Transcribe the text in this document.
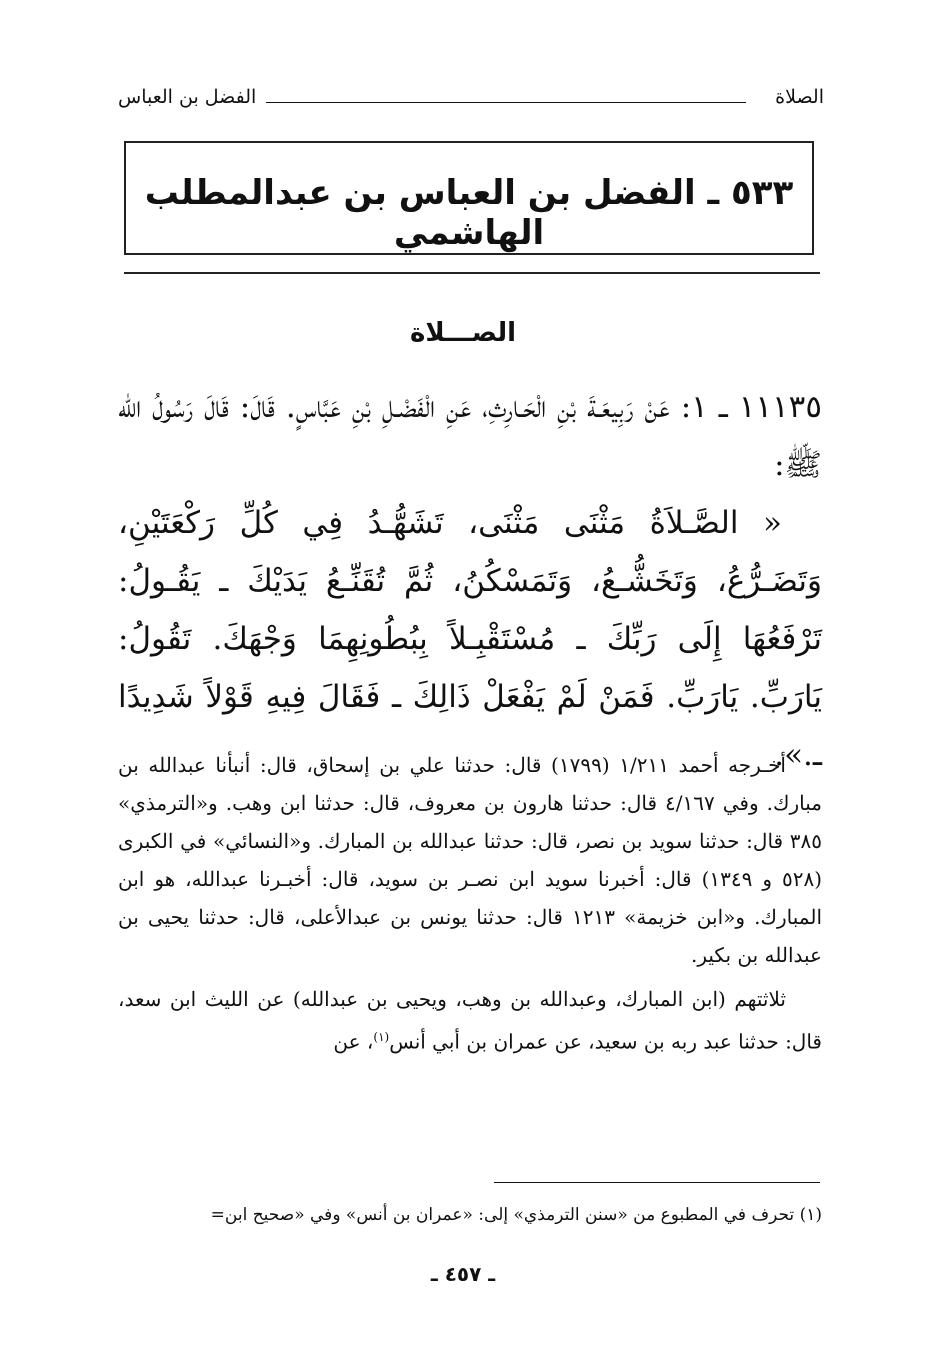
الصلاة
الفضل بن العباس
٥٣٣ ـ الفضل بن العباس بن عبدالمطلب الهاشمي
الصـــلاة

١١١٣٥ ـ ١: عَنْ رَبِيعَـةَ بْنِ الْحَـارِثِ، عَنِ الْفَضْـلِ بْنِ عَبَّاسٍ. قَالَ: قَالَ رَسُولُ الله ﷺ:

« الصَّـلاَةُ مَثْنَى مَثْنَى، تَشَهُّـدُ فِي كُلِّ رَكْعَتَيْنِ، وَتَضَـرُّعُ، وَتَخَشُّـعُ، وَتَمَسْكُنُ، ثُمَّ تُقَنِّـعُ يَدَيْكَ ـ يَقُـولُ: تَرْفَعُهَا إِلَى رَبِّكَ ـ مُسْتَقْبِـلاً بِبُطُونِهِمَا وَجْهَكَ. تَقُولُ: يَارَبِّ. يَارَبِّ. فَمَنْ لَمْ يَفْعَلْ ذَالِكَ ـ فَقَالَ فِيهِ قَوْلاً شَدِيدًا ـ.».

أخـرجه أحمد ١/٢١١ (١٧٩٩) قال: حدثنا علي بن إسحاق، قال: أنبأنا عبدالله بن مبارك. وفي ٤/١٦٧ قال: حدثنا هارون بن معروف، قال: حدثنا ابن وهب. و«الترمذي» ٣٨٥ قال: حدثنا سويد بن نصر، قال: حدثنا عبدالله بن المبارك. و«النسائي» في الكبرى (٥٢٨ و ١٣٤٩) قال: أخبرنا سويد ابن نصـر بن سويد، قال: أخبـرنا عبدالله، هو ابن المبارك. و«ابن خزيمة» ١٢١٣ قال: حدثنا يونس بن عبدالأعلى، قال: حدثنا يحيى بن عبدالله بن بكير.

ثلاثتهم (ابن المبارك، وعبدالله بن وهب، ويحيى بن عبدالله) عن الليث ابن سعد، قال: حدثنا عبد ربه بن سعيد، عن عمران بن أبي أنس$^{(١)}$، عن

(١) تحرف في المطبوع من «سنن الترمذي» إلى: «عمران بن أنس» وفي «صحيح ابن=
ـ ٤٥٧ ـ
